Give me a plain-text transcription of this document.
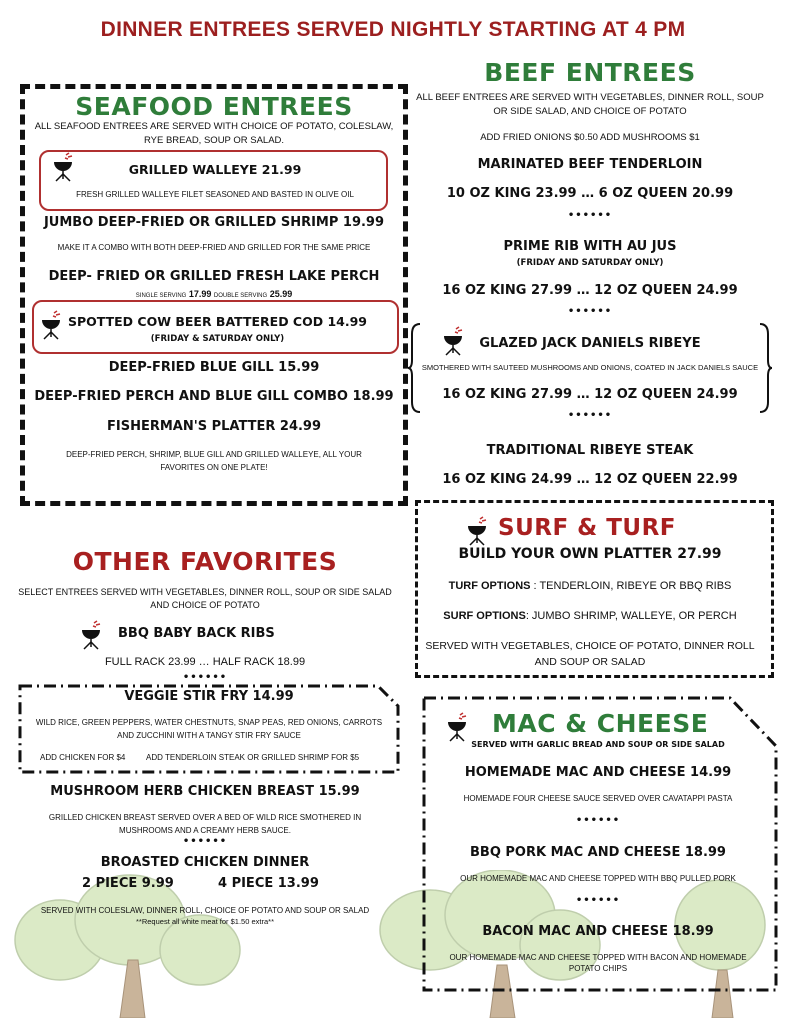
DINNER ENTREES SERVED NIGHTLY STARTING AT 4 PM
SEAFOOD ENTREES
ALL SEAFOOD ENTREES ARE SERVED WITH CHOICE OF POTATO, COLESLAW,
RYE BREAD, SOUP OR SALAD.
GRILLED WALLEYE 21.99
FRESH GRILLED WALLEYE FILET SEASONED AND BASTED IN OLIVE OIL
JUMBO DEEP-FRIED OR GRILLED SHRIMP 19.99
MAKE IT A COMBO WITH BOTH DEEP-FRIED AND GRILLED FOR THE SAME PRICE
DEEP- FRIED OR GRILLED FRESH LAKE PERCH
SINGLE SERVING 17.99 DOUBLE SERVING 25.99
SPOTTED COW BEER BATTERED COD 14.99
(FRIDAY & SATURDAY ONLY)
DEEP-FRIED BLUE GILL 15.99
DEEP-FRIED PERCH AND BLUE GILL COMBO 18.99
FISHERMAN'S PLATTER 24.99
DEEP-FRIED PERCH, SHRIMP, BLUE GILL AND GRILLED WALLEYE, ALL YOUR
FAVORITES ON ONE PLATE!
BEEF ENTREES
ALL BEEF ENTREES ARE SERVED WITH VEGETABLES, DINNER ROLL, SOUP
OR SIDE SALAD, AND CHOICE OF POTATO
ADD FRIED ONIONS $0.50 ADD MUSHROOMS $1
MARINATED BEEF TENDERLOIN
10 OZ KING 23.99 … 6 OZ QUEEN 20.99
••••••
PRIME RIB WITH AU JUS
(FRIDAY AND SATURDAY ONLY)
16 OZ KING 27.99 … 12 OZ QUEEN 24.99
••••••
GLAZED JACK DANIELS RIBEYE
SMOTHERED WITH SAUTEED MUSHROOMS AND ONIONS, COATED IN JACK DANIELS SAUCE
16 OZ KING 27.99 … 12 OZ QUEEN 24.99
••••••
TRADITIONAL RIBEYE STEAK
16 OZ KING 24.99 … 12 OZ QUEEN 22.99
SURF & TURF
BUILD YOUR OWN PLATTER 27.99
TURF OPTIONS : TENDERLOIN, RIBEYE OR BBQ RIBS
SURF OPTIONS: JUMBO SHRIMP, WALLEYE, OR PERCH
SERVED WITH VEGETABLES, CHOICE OF POTATO, DINNER ROLL
AND SOUP OR SALAD
OTHER FAVORITES
SELECT ENTREES SERVED WITH VEGETABLES, DINNER ROLL, SOUP OR SIDE SALAD
AND CHOICE OF POTATO
BBQ BABY BACK RIBS
FULL RACK 23.99 … HALF RACK 18.99
••••••
VEGGIE STIR FRY 14.99
WILD RICE, GREEN PEPPERS, WATER CHESTNUTS, SNAP PEAS, RED ONIONS, CARROTS
AND ZUCCHINI WITH A TANGY STIR FRY SAUCE
ADD CHICKEN FOR $4	ADD TENDERLOIN STEAK OR GRILLED SHRIMP FOR $5
MUSHROOM HERB CHICKEN BREAST 15.99
GRILLED CHICKEN BREAST SERVED OVER A BED OF WILD RICE SMOTHERED IN
MUSHROOMS AND A CREAMY HERB SAUCE.
••••••
BROASTED CHICKEN DINNER
2 PIECE 9.99	4 PIECE 13.99
SERVED WITH COLESLAW, DINNER ROLL, CHOICE OF POTATO AND SOUP OR SALAD
**Request all white meat for $1.50 extra**
MAC & CHEESE
SERVED WITH GARLIC BREAD AND SOUP OR SIDE SALAD
HOMEMADE MAC AND CHEESE 14.99
HOMEMADE FOUR CHEESE SAUCE SERVED OVER CAVATAPPI PASTA
••••••
BBQ PORK MAC AND CHEESE 18.99
OUR HOMEMADE MAC AND CHEESE TOPPED WITH BBQ PULLED PORK
••••••
BACON MAC AND CHEESE 18.99
OUR HOMEMADE MAC AND CHEESE TOPPED WITH BACON AND HOMEMADE
POTATO CHIPS
